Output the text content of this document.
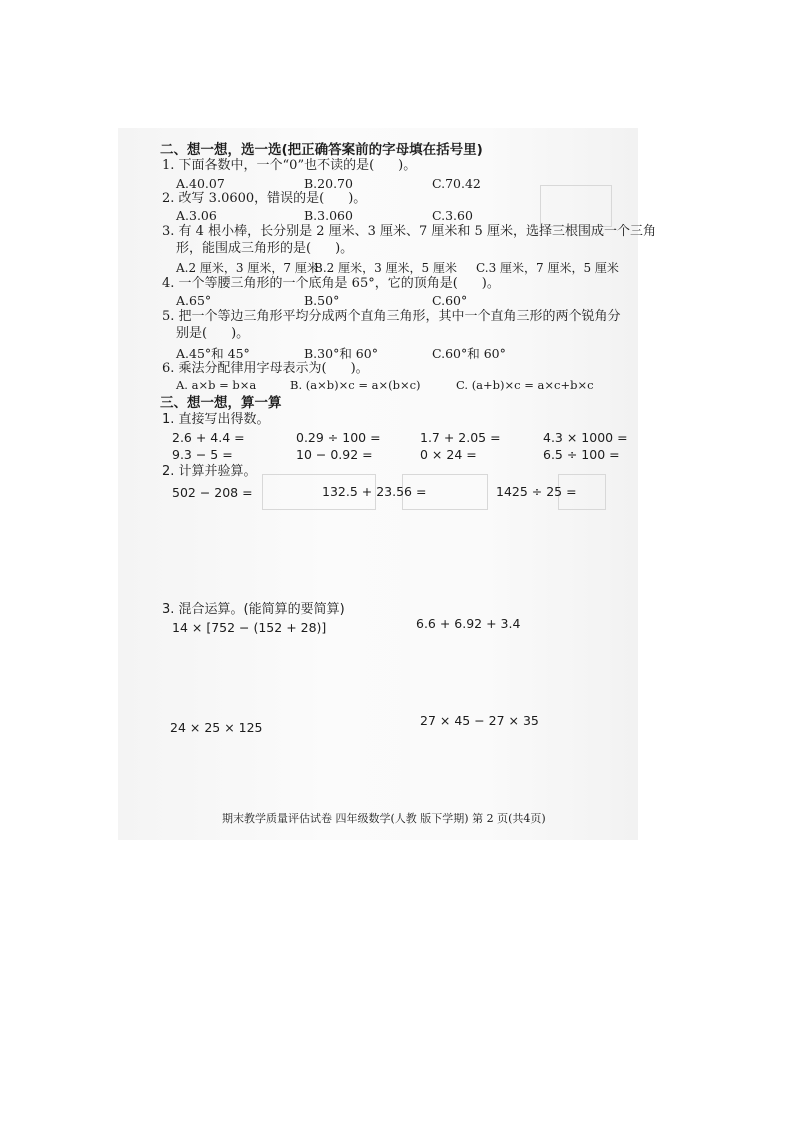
二、想一想，选一选(把正确答案前的字母填在括号里)
1. 下面各数中，一个“0”也不读的是( )。
A.40.07	B.20.70	C.70.42
2. 改写 3.0600，错误的是( )。
A.3.06	B.3.060	C.3.60
3. 有 4 根小棒，长分别是 2 厘米、3 厘米、7 厘米和 5 厘米，选择三根围成一个三角
形，能围成三角形的是( )。
A.2 厘米，3 厘米，7 厘米
B.2 厘米，3 厘米，5 厘米 C.3 厘米，7 厘米，5 厘米
4. 一个等腰三角形的一个底角是 65°，它的顶角是( )。
A.65°	B.50°	C.60°
5. 把一个等边三角形平均分成两个直角三角形，其中一个直角三形的两个锐角分
别是( )。
A.45°和 45°	B.30°和 60°	C.60°和 60°
6. 乘法分配律用字母表示为( )。
A. a×b = b×a	B. (a×b)×c = a×(b×c)	C. (a+b)×c = a×c+b×c
三、想一想，算一算
1. 直接写出得数。
2.6 + 4.4 =	0.29 ÷ 100 =	1.7 + 2.05 =	4.3 × 1000 =
9.3 − 5 =	10 − 0.92 =	0 × 24 =	6.5 ÷ 100 =
2. 计算并验算。
502 − 208 =	132.5 + 23.56 =	1425 ÷ 25 =
3. 混合运算。(能简算的要简算)
14 × [752 − (152 + 28)]	6.6 + 6.92 + 3.4
24 × 25 × 125	27 × 45 − 27 × 35
期末教学质量评估试卷 四年级数学(人教 版下学期) 第 2 页(共4页)
